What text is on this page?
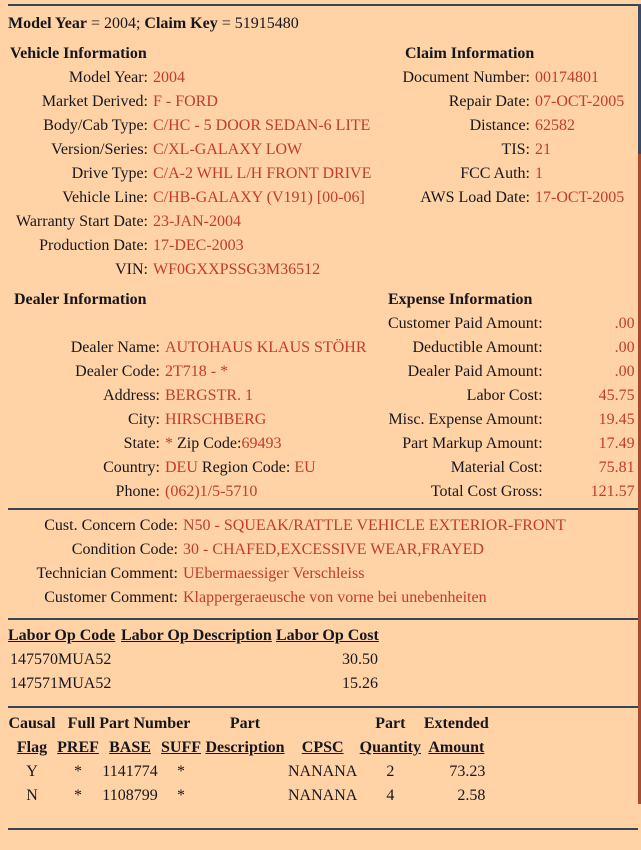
Model Year = 2004; Claim Key = 51915480
Vehicle Information
Model Year:	2004
Market Derived:	F - FORD
Body/Cab Type:	C/HC - 5 DOOR SEDAN-6 LITE
Version/Series:	C/XL-GALAXY LOW
Drive Type:	C/A-2 WHL L/H FRONT DRIVE
Vehicle Line:	C/HB-GALAXY (V191) [00-06]
Warranty Start Date:	23-JAN-2004
Production Date:	17-DEC-2003
VIN:	WF0GXXPSSG3M36512
Claim Information
Document Number:	00174801
Repair Date:	07-OCT-2005
Distance:	62582
TIS:	21
FCC Auth:	1
AWS Load Date:	17-OCT-2005
Dealer Information

Dealer Name:	AUTOHAUS KLAUS STÖHR
Dealer Code:	2T718 - *
Address:	BERGSTR. 1
City:	HIRSCHBERG
State:	* Zip Code:69493
Country:	DEU Region Code: EU
Phone:	(062)1/5-5710
Expense Information
Customer Paid Amount:	.00
Deductible Amount:	.00
Dealer Paid Amount:	.00
Labor Cost:	45.75
Misc. Expense Amount:	19.45
Part Markup Amount:	17.49
Material Cost:	75.81
Total Cost Gross:	121.57
Cust. Concern Code:	N50 - SQUEAK/RATTLE VEHICLE EXTERIOR-FRONT
Condition Code:	30 - CHAFED,EXCESSIVE WEAR,FRAYED
Technician Comment:	UEbermaessiger Verschleiss
Customer Comment:	Klappergeraeusche von vorne bei unebenheiten
Labor Op Code	Labor Op Description	Labor Op Cost
147570MUA52		30.50
147571MUA52		15.26
Causal	Full Part Number			Part		Part	Extended
Flag	PREF	BASE	SUFF	Description	CPSC	Quantity	Amount
Y	*	1141774	*		NANANA	2	73.23
N	*	1108799	*		NANANA	4	2.58
